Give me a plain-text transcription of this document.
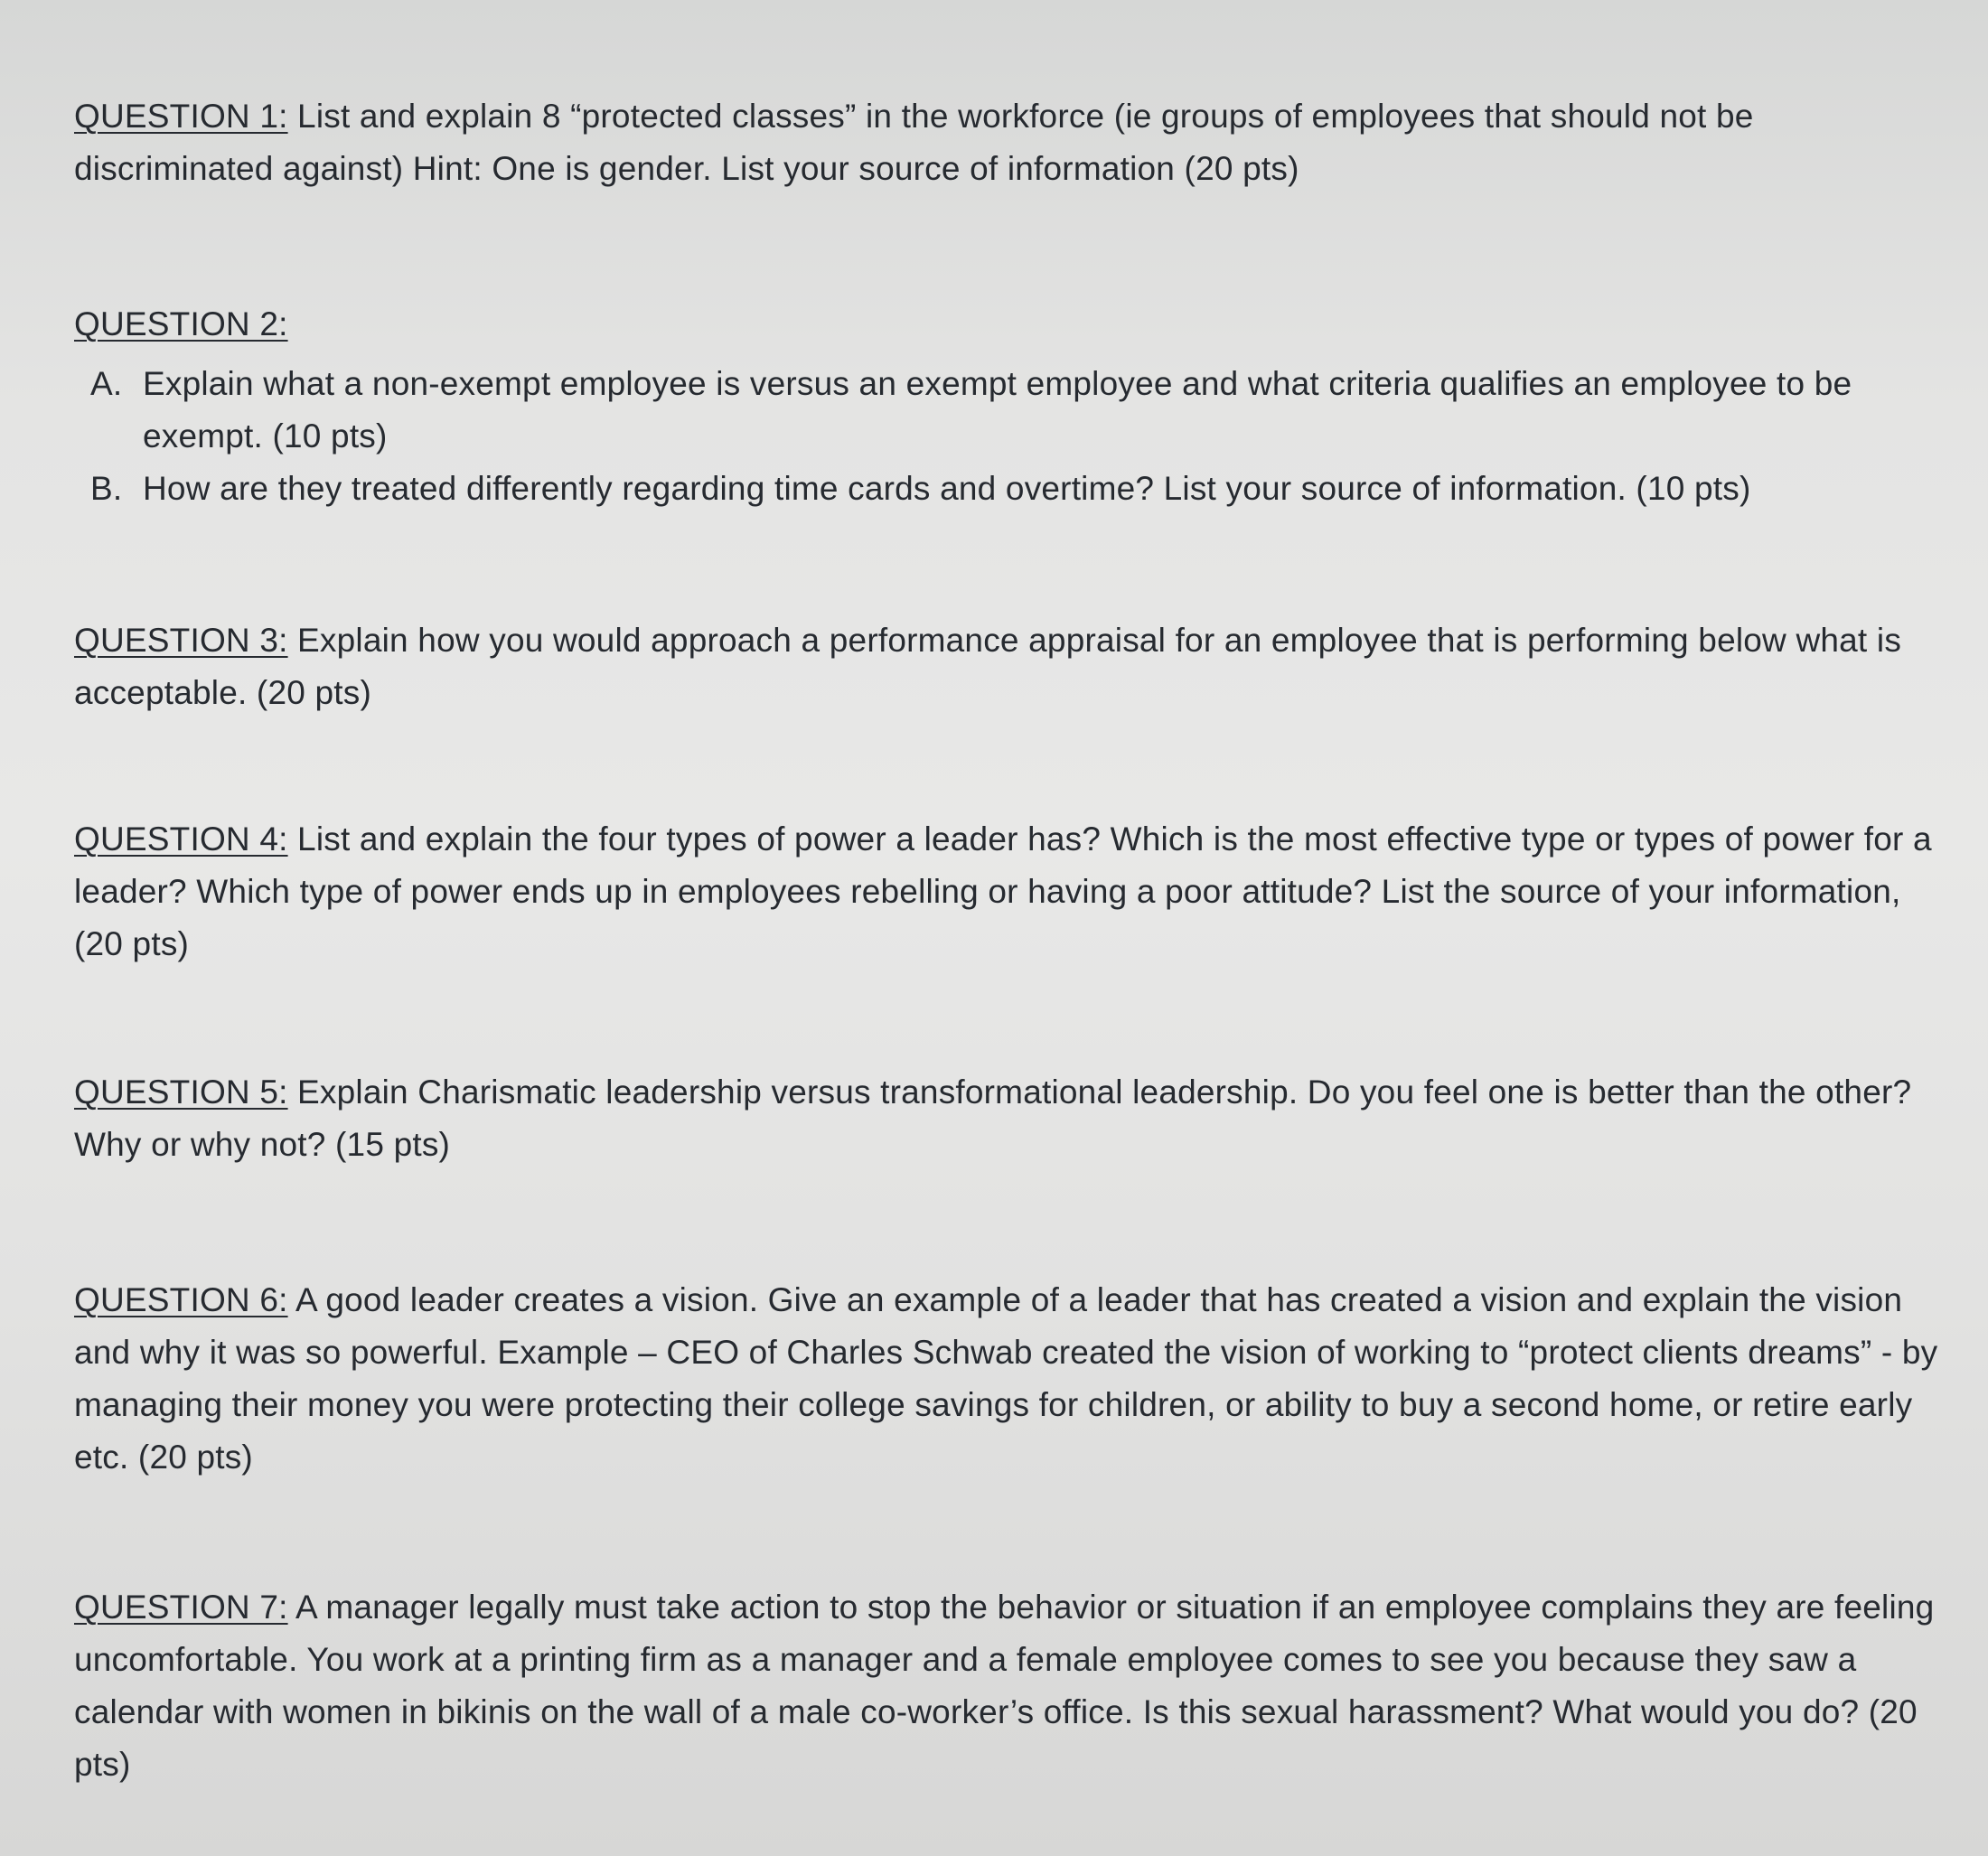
QUESTION 1: List and explain 8 “protected classes” in the workforce (ie groups of employees that should not be discriminated against) Hint: One is gender. List your source of information (20 pts)
QUESTION 2:
A. Explain what a non-exempt employee is versus an exempt employee and what criteria qualifies an employee to be exempt. (10 pts)
B. How are they treated differently regarding time cards and overtime? List your source of information. (10 pts)
QUESTION 3: Explain how you would approach a performance appraisal for an employee that is performing below what is acceptable. (20 pts)
QUESTION 4: List and explain the four types of power a leader has? Which is the most effective type or types of power for a leader? Which type of power ends up in employees rebelling or having a poor attitude? List the source of your information, (20 pts)
QUESTION 5: Explain Charismatic leadership versus transformational leadership. Do you feel one is better than the other? Why or why not? (15 pts)
QUESTION 6: A good leader creates a vision. Give an example of a leader that has created a vision and explain the vision and why it was so powerful. Example – CEO of Charles Schwab created the vision of working to “protect clients dreams” - by managing their money you were protecting their college savings for children, or ability to buy a second home, or retire early etc. (20 pts)
QUESTION 7: A manager legally must take action to stop the behavior or situation if an employee complains they are feeling uncomfortable. You work at a printing firm as a manager and a female employee comes to see you because they saw a calendar with women in bikinis on the wall of a male co-worker’s office. Is this sexual harassment? What would you do? (20 pts)
